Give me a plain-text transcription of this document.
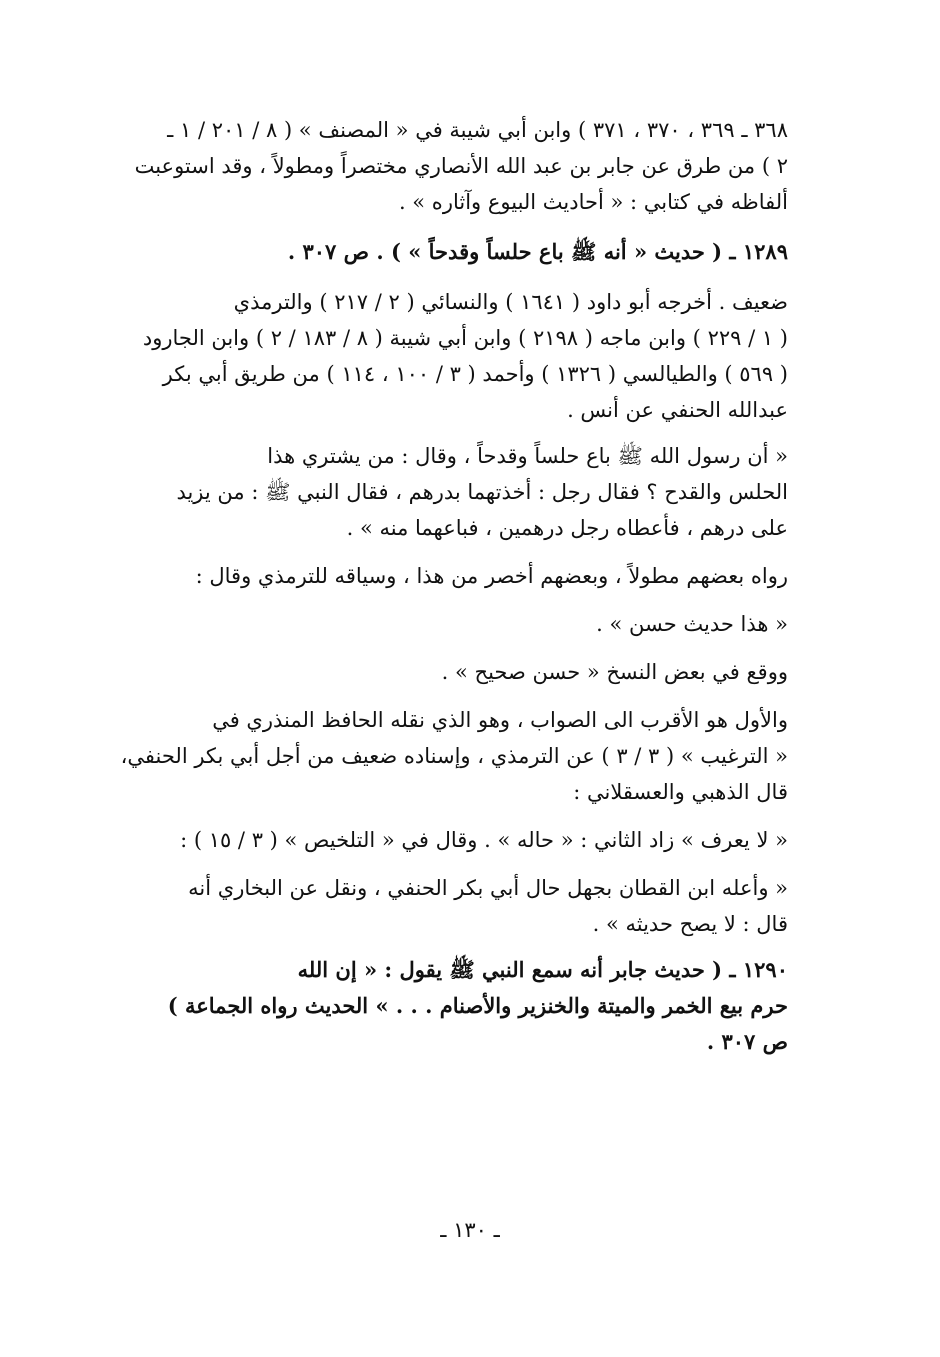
٣٦٨ ـ ٣٦٩ ، ٣٧٠ ، ٣٧١ ) وابن أبي شيبة في « المصنف » ( ٨ / ٢٠١ / ١ ـ
٢ ) من طرق عن جابر بن عبد الله الأنصاري مختصراً ومطولاً ، وقد استوعبت
ألفاظه في كتابي : « أحاديث البيوع وآثاره » .
١٢٨٩ ـ ( حديث « أنه ﷺ باع حلساً وقدحاً » ) . ص ٣٠٧ .
ضعيف . أخرجه أبو داود ( ١٦٤١ ) والنسائي ( ٢ / ٢١٧ ) والترمذي
( ١ / ٢٢٩ ) وابن ماجه ( ٢١٩٨ ) وابن أبي شيبة ( ٨ / ١٨٣ / ٢ ) وابن الجارود
( ٥٦٩ ) والطيالسي ( ١٣٢٦ ) وأحمد ( ٣ / ١٠٠ ، ١١٤ ) من طريق أبي بكر
عبدالله الحنفي عن أنس .
« أن رسول الله ﷺ باع حلساً وقدحاً ، وقال : من يشتري هذا
الحلس والقدح ؟ فقال رجل : أخذتهما بدرهم ، فقال النبي ﷺ : من يزيد
على درهم ، فأعطاه رجل درهمين ، فباعهما منه » .
رواه بعضهم مطولاً ، وبعضهم أخصر من هذا ، وسياقه للترمذي وقال :
« هذا حديث حسن » .
ووقع في بعض النسخ « حسن صحيح » .
والأول هو الأقرب الى الصواب ، وهو الذي نقله الحافظ المنذري في
« الترغيب » ( ٣ / ٣ ) عن الترمذي ، وإسناده ضعيف من أجل أبي بكر الحنفي،
قال الذهبي والعسقلاني :
« لا يعرف » زاد الثاني : « حاله » . وقال في « التلخيص » ( ٣ / ١٥ ) :
« وأعله ابن القطان بجهل حال أبي بكر الحنفي ، ونقل عن البخاري أنه
قال : لا يصح حديثه » .
١٢٩٠ ـ ( حديث جابر أنه سمع النبي ﷺ يقول : « إن الله
حرم بيع الخمر والميتة والخنزير والأصنام . . . » الحديث رواه الجماعة )
ص ٣٠٧ .
ـ ١٣٠ ـ
